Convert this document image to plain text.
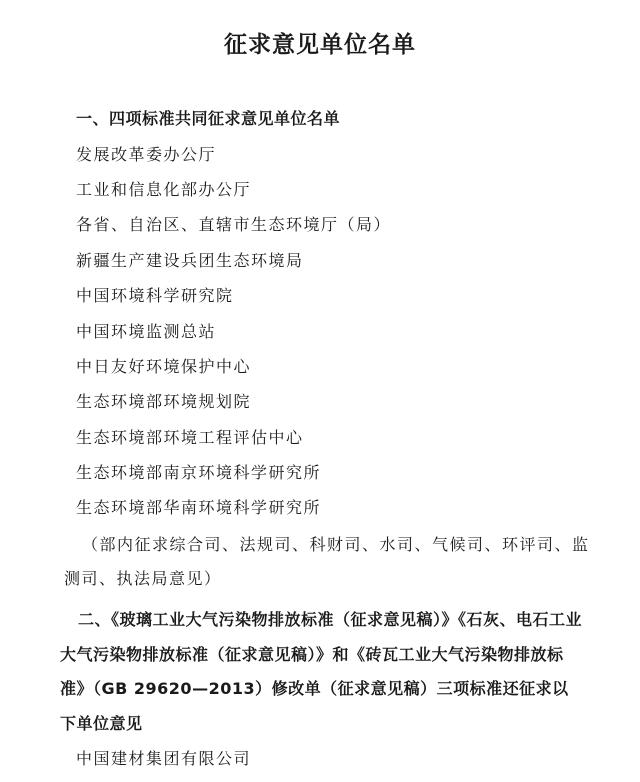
征求意见单位名单
一、四项标准共同征求意见单位名单
发展改革委办公厅
工业和信息化部办公厅
各省、自治区、直辖市生态环境厅（局）
新疆生产建设兵团生态环境局
中国环境科学研究院
中国环境监测总站
中日友好环境保护中心
生态环境部环境规划院
生态环境部环境工程评估中心
生态环境部南京环境科学研究所
生态环境部华南环境科学研究所
（部内征求综合司、法规司、科财司、水司、气候司、环评司、监测司、执法局意见）
二、《玻璃工业大气污染物排放标准（征求意见稿）》《石灰、电石工业大气污染物排放标准（征求意见稿）》和《砖瓦工业大气污染物排放标准》（GB 29620—2013）修改单（征求意见稿）三项标准还征求以下单位意见
中国建材集团有限公司
